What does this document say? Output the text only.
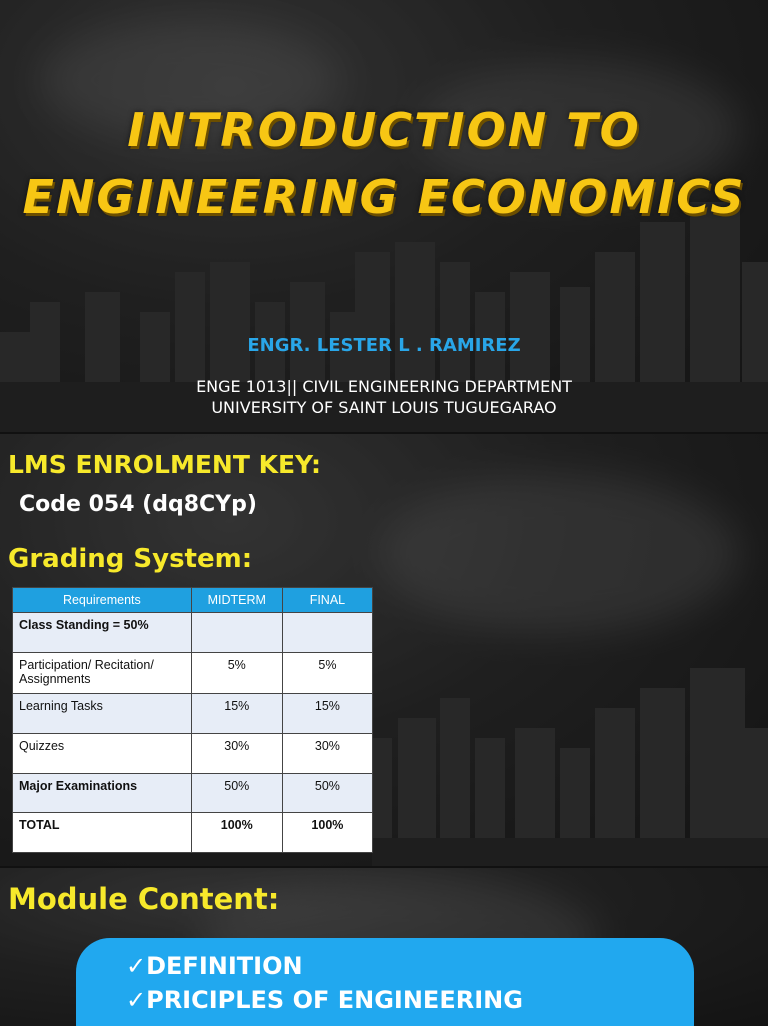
INTRODUCTION TO
ENGINEERING ECONOMICS
ENGR. LESTER L . RAMIREZ
ENGE 1013|| CIVIL ENGINEERING DEPARTMENT
UNIVERSITY OF SAINT LOUIS TUGUEGARAO
LMS ENROLMENT KEY:
Code 054 (dq8CYp)
Grading System:
Requirements	MIDTERM	FINAL
Class Standing = 50%		
Participation/ Recitation/ Assignments	5%	5%
Learning Tasks	15%	15%
Quizzes	30%	30%
Major Examinations	50%	50%
TOTAL	100%	100%
Module Content:
✓DEFINITION
✓PRICIPLES OF ENGINEERING
